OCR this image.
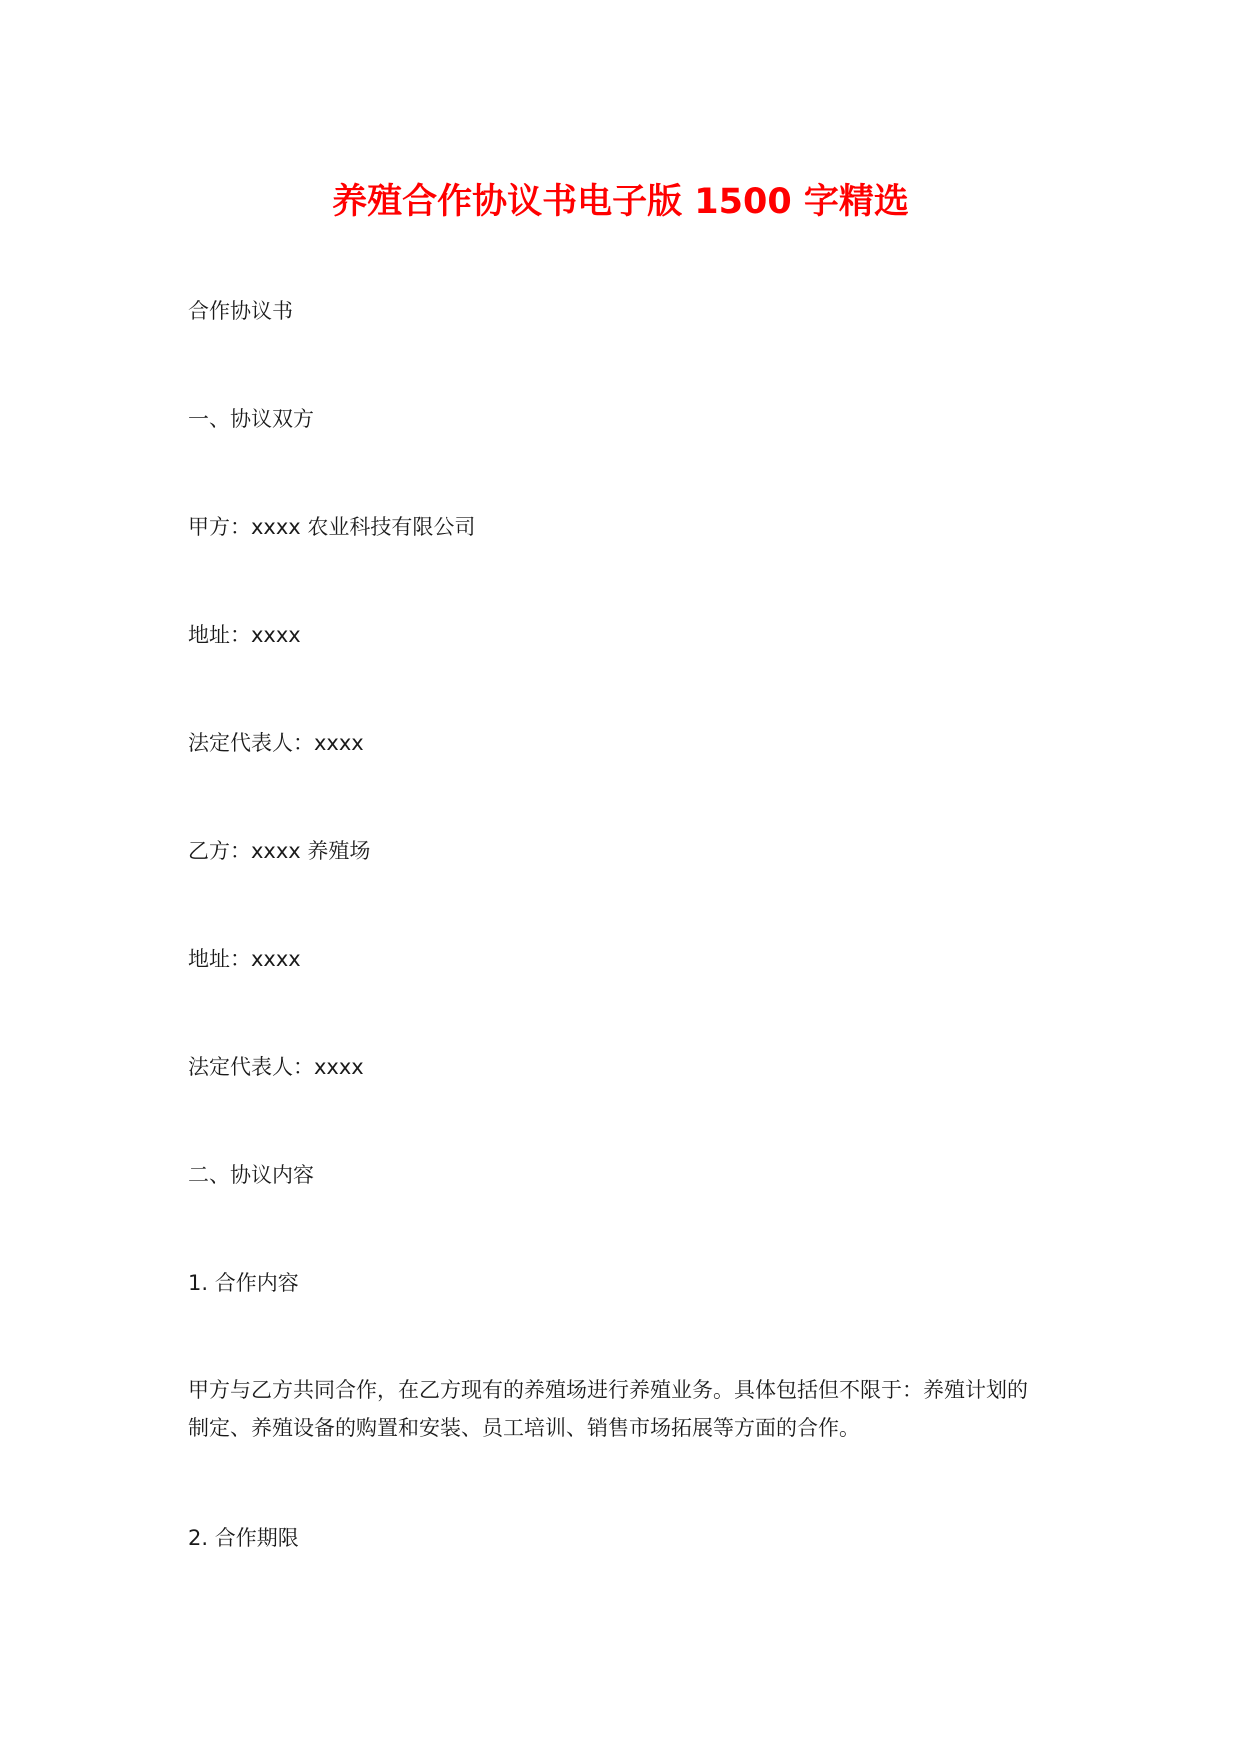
养殖合作协议书电子版 1500 字精选

合作协议书

一、协议双方

甲方：xxxx 农业科技有限公司

地址：xxxx

法定代表人：xxxx

乙方：xxxx 养殖场

地址：xxxx

法定代表人：xxxx

二、协议内容

1. 合作内容

甲方与乙方共同合作，在乙方现有的养殖场进行养殖业务。具体包括但不限于：养殖计划的制定、养殖设备的购置和安装、员工培训、销售市场拓展等方面的合作。

2. 合作期限
